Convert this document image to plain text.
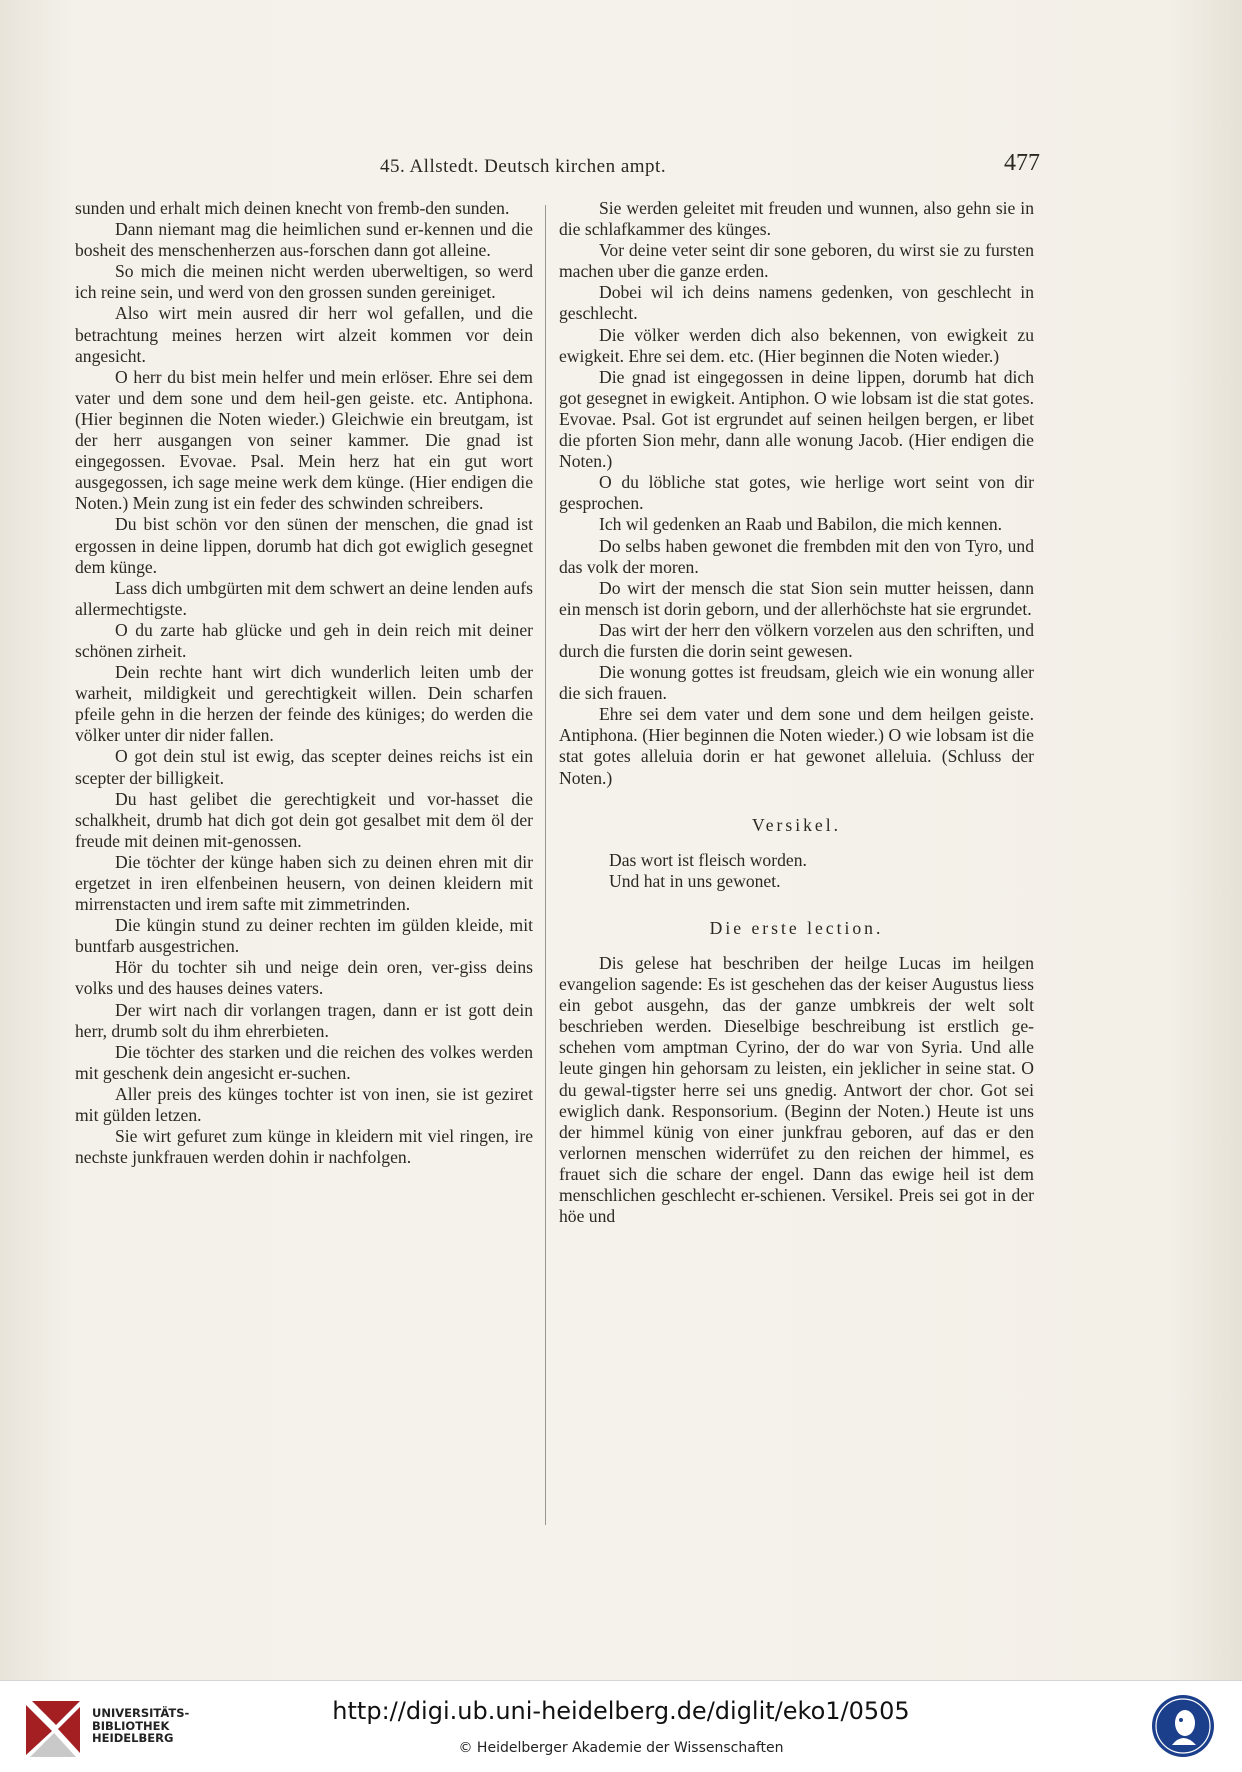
45. Allstedt. Deutsch kirchen ampt.	477

sunden und erhalt mich deinen knecht von fremb-den sunden.

Dann niemant mag die heimlichen sund er-kennen und die bosheit des menschenherzen aus-forschen dann got alleine.

So mich die meinen nicht werden uberweltigen, so werd ich reine sein, und werd von den grossen sunden gereiniget.

Also wirt mein ausred dir herr wol gefallen, und die betrachtung meines herzen wirt alzeit kommen vor dein angesicht.

O herr du bist mein helfer und mein erlöser. Ehre sei dem vater und dem sone und dem heil-gen geiste. etc. Antiphona. (Hier beginnen die Noten wieder.) Gleichwie ein breutgam, ist der herr ausgangen von seiner kammer. Die gnad ist eingegossen. Evovae. Psal. Mein herz hat ein gut wort ausgegossen, ich sage meine werk dem künge. (Hier endigen die Noten.) Mein zung ist ein feder des schwinden schreibers.

Du bist schön vor den sünen der menschen, die gnad ist ergossen in deine lippen, dorumb hat dich got ewiglich gesegnet dem künge.

Lass dich umbgürten mit dem schwert an deine lenden aufs allermechtigste.

O du zarte hab glücke und geh in dein reich mit deiner schönen zirheit.

Dein rechte hant wirt dich wunderlich leiten umb der warheit, mildigkeit und gerechtigkeit willen. Dein scharfen pfeile gehn in die herzen der feinde des küniges; do werden die völker unter dir nider fallen.

O got dein stul ist ewig, das scepter deines reichs ist ein scepter der billigkeit.

Du hast gelibet die gerechtigkeit und vor-hasset die schalkheit, drumb hat dich got dein got gesalbet mit dem öl der freude mit deinen mit-genossen.

Die töchter der künge haben sich zu deinen ehren mit dir ergetzet in iren elfenbeinen heusern, von deinen kleidern mit mirrenstacten und irem safte mit zimmetrinden.

Die küngin stund zu deiner rechten im gülden kleide, mit buntfarb ausgestrichen.

Hör du tochter sih und neige dein oren, ver-giss deins volks und des hauses deines vaters.

Der wirt nach dir vorlangen tragen, dann er ist gott dein herr, drumb solt du ihm ehrerbieten.

Die töchter des starken und die reichen des volkes werden mit geschenk dein angesicht er-suchen.

Aller preis des künges tochter ist von inen, sie ist geziret mit gülden letzen.

Sie wirt gefuret zum künge in kleidern mit viel ringen, ire nechste junkfrauen werden dohin ir nachfolgen.

Sie werden geleitet mit freuden und wunnen, also gehn sie in die schlafkammer des künges.

Vor deine veter seint dir sone geboren, du wirst sie zu fursten machen uber die ganze erden.

Dobei wil ich deins namens gedenken, von geschlecht in geschlecht.

Die völker werden dich also bekennen, von ewigkeit zu ewigkeit. Ehre sei dem. etc. (Hier beginnen die Noten wieder.)

Die gnad ist eingegossen in deine lippen, dorumb hat dich got gesegnet in ewigkeit. Antiphon. O wie lobsam ist die stat gotes. Evovae. Psal. Got ist ergrundet auf seinen heilgen bergen, er libet die pforten Sion mehr, dann alle wonung Jacob. (Hier endigen die Noten.)

O du löbliche stat gotes, wie herlige wort seint von dir gesprochen.

Ich wil gedenken an Raab und Babilon, die mich kennen.

Do selbs haben gewonet die frembden mit den von Tyro, und das volk der moren.

Do wirt der mensch die stat Sion sein mutter heissen, dann ein mensch ist dorin geborn, und der allerhöchste hat sie ergrundet.

Das wirt der herr den völkern vorzelen aus den schriften, und durch die fursten die dorin seint gewesen.

Die wonung gottes ist freudsam, gleich wie ein wonung aller die sich frauen.

Ehre sei dem vater und dem sone und dem heilgen geiste. Antiphona. (Hier beginnen die Noten wieder.) O wie lobsam ist die stat gotes alleluia dorin er hat gewonet alleluia. (Schluss der Noten.)

Versikel.

Das wort ist fleisch worden.

Und hat in uns gewonet.

Die erste lection.

Dis gelese hat beschriben der heilge Lucas im heilgen evangelion sagende: Es ist geschehen das der keiser Augustus liess ein gebot ausgehn, das der ganze umbkreis der welt solt beschrieben werden. Dieselbige beschreibung ist erstlich ge-schehen vom amptman Cyrino, der do war von Syria. Und alle leute gingen hin gehorsam zu leisten, ein jeklicher in seine stat. O du gewal-tigster herre sei uns gnedig. Antwort der chor. Got sei ewiglich dank. Responsorium. (Beginn der Noten.) Heute ist uns der himmel künig von einer junkfrau geboren, auf das er den verlornen menschen widerrüfet zu den reichen der himmel, es frauet sich die schare der engel. Dann das ewige heil ist dem menschlichen geschlecht er-schienen. Versikel. Preis sei got in der höe und

UNIVERSITÄTS-
BIBLIOTHEK
HEIDELBERG
http://digi.ub.uni-heidelberg.de/diglit/eko1/0505
© Heidelberger Akademie der Wissenschaften
